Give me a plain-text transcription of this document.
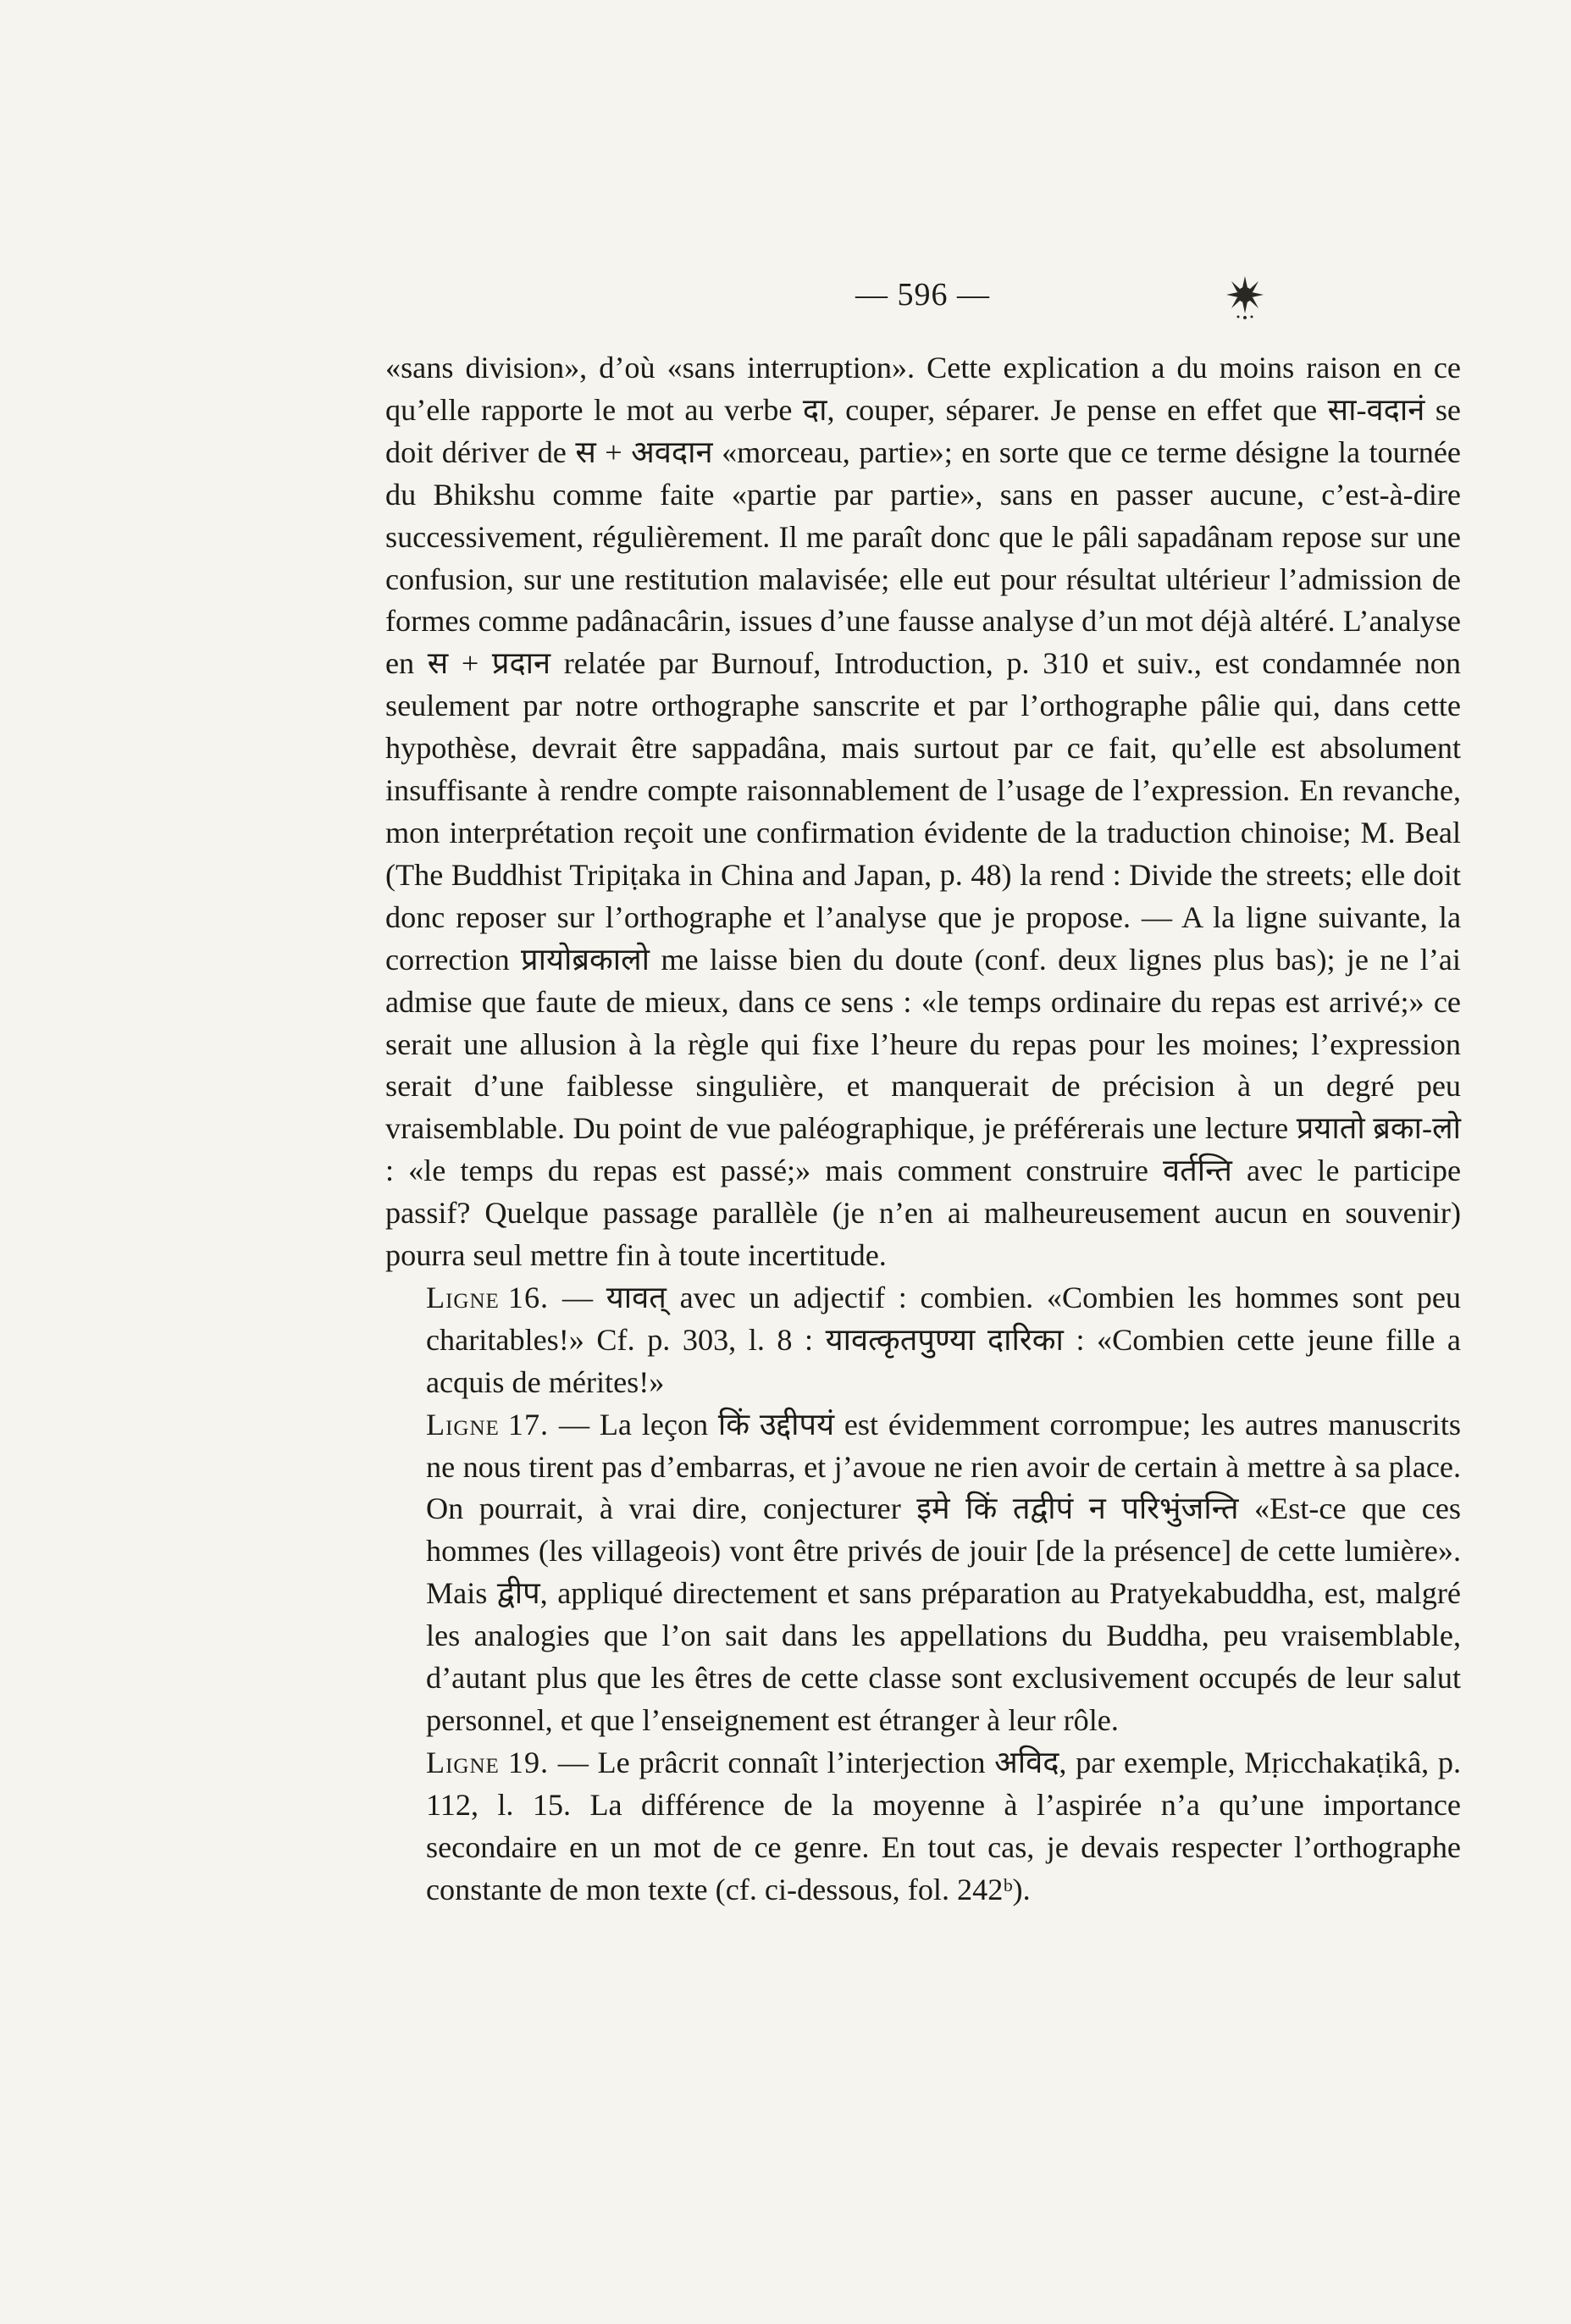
— 596 —

«sans division», d’où «sans interruption». Cette explication a du moins raison en ce qu’elle rapporte le mot au verbe दा, couper, séparer. Je pense en effet que सा-वदानं se doit dériver de स + अवदान «morceau, partie»; en sorte que ce terme désigne la tournée du Bhikshu comme faite «partie par partie», sans en passer aucune, c’est-à-dire successivement, régulièrement. Il me paraît donc que le pâli sapadânam repose sur une confusion, sur une restitution malavisée; elle eut pour résultat ultérieur l’admission de formes comme padânacârin, issues d’une fausse analyse d’un mot déjà altéré. L’analyse en स + प्रदान relatée par Burnouf, Introduction, p. 310 et suiv., est condamnée non seulement par notre orthographe sanscrite et par l’orthographe pâlie qui, dans cette hypothèse, devrait être sappadâna, mais surtout par ce fait, qu’elle est absolument insuffisante à rendre compte raisonnablement de l’usage de l’expression. En revanche, mon interprétation reçoit une confirmation évidente de la traduction chinoise; M. Beal (The Buddhist Tripiṭaka in China and Japan, p. 48) la rend : Divide the streets; elle doit donc reposer sur l’orthographe et l’analyse que je propose. — A la ligne suivante, la correction प्रायोब्रकालो me laisse bien du doute (conf. deux lignes plus bas); je ne l’ai admise que faute de mieux, dans ce sens : «le temps ordinaire du repas est arrivé;» ce serait une allusion à la règle qui fixe l’heure du repas pour les moines; l’expression serait d’une faiblesse singulière, et manquerait de précision à un degré peu vraisemblable. Du point de vue paléographique, je préférerais une lecture प्रयातो ब्रका-लो : «le temps du repas est passé;» mais comment construire वर्तन्ति avec le participe passif? Quelque passage parallèle (je n’en ai malheureusement aucun en souvenir) pourra seul mettre fin à toute incertitude.

Ligne 16. — यावत् avec un adjectif : combien. «Combien les hommes sont peu charitables!» Cf. p. 303, l. 8 : यावत्कृतपुण्या दारिका : «Combien cette jeune fille a acquis de mérites!»

Ligne 17. — La leçon किं उद्दीपयं est évidemment corrompue; les autres manuscrits ne nous tirent pas d’embarras, et j’avoue ne rien avoir de certain à mettre à sa place. On pourrait, à vrai dire, conjecturer इमे किं तद्वीपं न परिभुंजन्ति «Est-ce que ces hommes (les villageois) vont être privés de jouir [de la présence] de cette lumière». Mais द्वीप, appliqué directement et sans préparation au Pratyekabuddha, est, malgré les analogies que l’on sait dans les appellations du Buddha, peu vraisemblable, d’autant plus que les êtres de cette classe sont exclusivement occupés de leur salut personnel, et que l’enseignement est étranger à leur rôle.

Ligne 19. — Le prâcrit connaît l’interjection अविद, par exemple, Mṛicchakaṭikâ, p. 112, l. 15. La différence de la moyenne à l’aspirée n’a qu’une importance secondaire en un mot de ce genre. En tout cas, je devais respecter l’orthographe constante de mon texte (cf. ci-dessous, fol. 242ᵇ).
